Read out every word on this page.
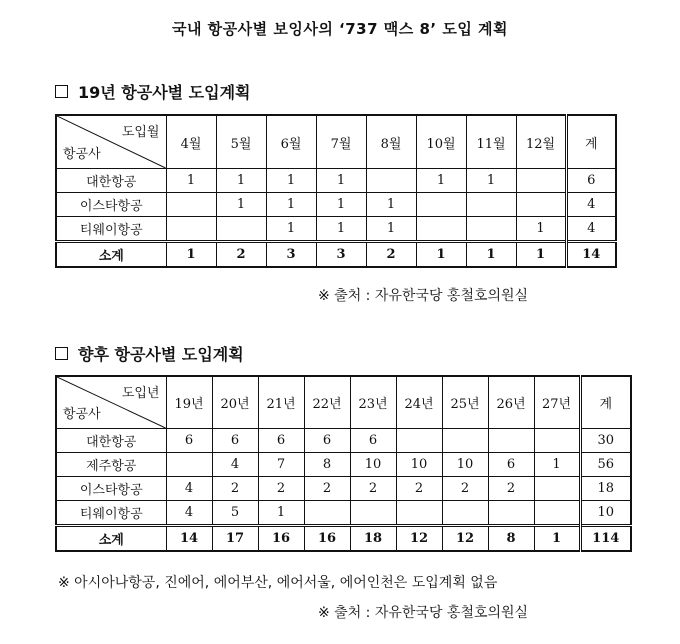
국내 항공사별 보잉사의 ‘737 맥스 8’ 도입 계획
19년 항공사별 도입계획
도입월
항공사	4월	5월	6월	7월	8월	10월	11월	12월	계
대한항공	1	1	1	1		1	1		6
이스타항공		1	1	1	1				4
티웨이항공			1	1	1			1	4
소계	1	2	3	3	2	1	1	1	14
※ 출처 : 자유한국당 홍철호의원실
향후 항공사별 도입계획
도입년
항공사	19년	20년	21년	22년	23년	24년	25년	26년	27년	계
대한항공	6	6	6	6	6					30
제주항공		4	7	8	10	10	10	6	1	56
이스타항공	4	2	2	2	2	2	2	2		18
티웨이항공	4	5	1							10
소계	14	17	16	16	18	12	12	8	1	114
※ 아시아나항공, 진에어, 에어부산, 에어서울, 에어인천은 도입계획 없음
※ 출처 : 자유한국당 홍철호의원실
